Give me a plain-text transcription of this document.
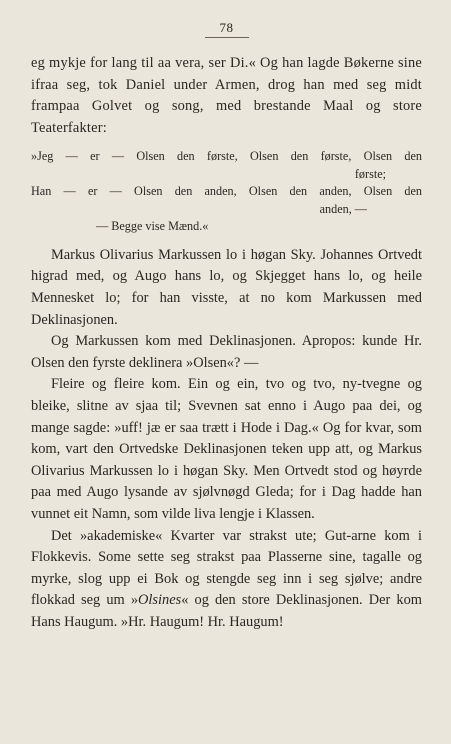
78

eg mykje for lang til aa vera, ser Di.« Og han lagde Bøkerne sine ifraa seg, tok Daniel under Armen, drog han med seg midt frampaa Golvet og song, med brestande Maal og store Teaterfakter:

»Jeg — er — Olsen den første, Olsen den første, Olsen den

første;

Han — er — Olsen den anden, Olsen den anden, Olsen den

anden, —

— Begge vise Mænd.«

Markus Olivarius Markussen lo i høgan Sky. Johannes Ortvedt higrad med, og Augo hans lo, og Skjegget hans lo, og heile Mennesket lo; for han visste, at no kom Markussen med Deklinasjonen.

Og Markussen kom med Deklinasjonen. Apropos: kunde Hr. Olsen den fyrste deklinera »Olsen«? —

Fleire og fleire kom. Ein og ein, tvo og tvo, ny-tvegne og bleike, slitne av sjaa til; Svevnen sat enno i Augo paa dei, og mange sagde: »uff! jæ er saa trætt i Hode i Dag.« Og for kvar, som kom, vart den Ortvedske Deklinasjonen teken upp att, og Markus Olivarius Markussen lo i høgan Sky. Men Ortvedt stod og høyrde paa med Augo lysande av sjølvnøgd Gleda; for i Dag hadde han vunnet eit Namn, som vilde liva lengje i Klassen.

Det »akademiske« Kvarter var strakst ute; Gut-arne kom i Flokkevis. Some sette seg strakst paa Plasserne sine, tagalle og myrke, slog upp ei Bok og stengde seg inn i seg sjølve; andre flokkad seg um »Olsines« og den store Deklinasjonen. Der kom Hans Haugum. »Hr. Haugum! Hr. Haugum!
